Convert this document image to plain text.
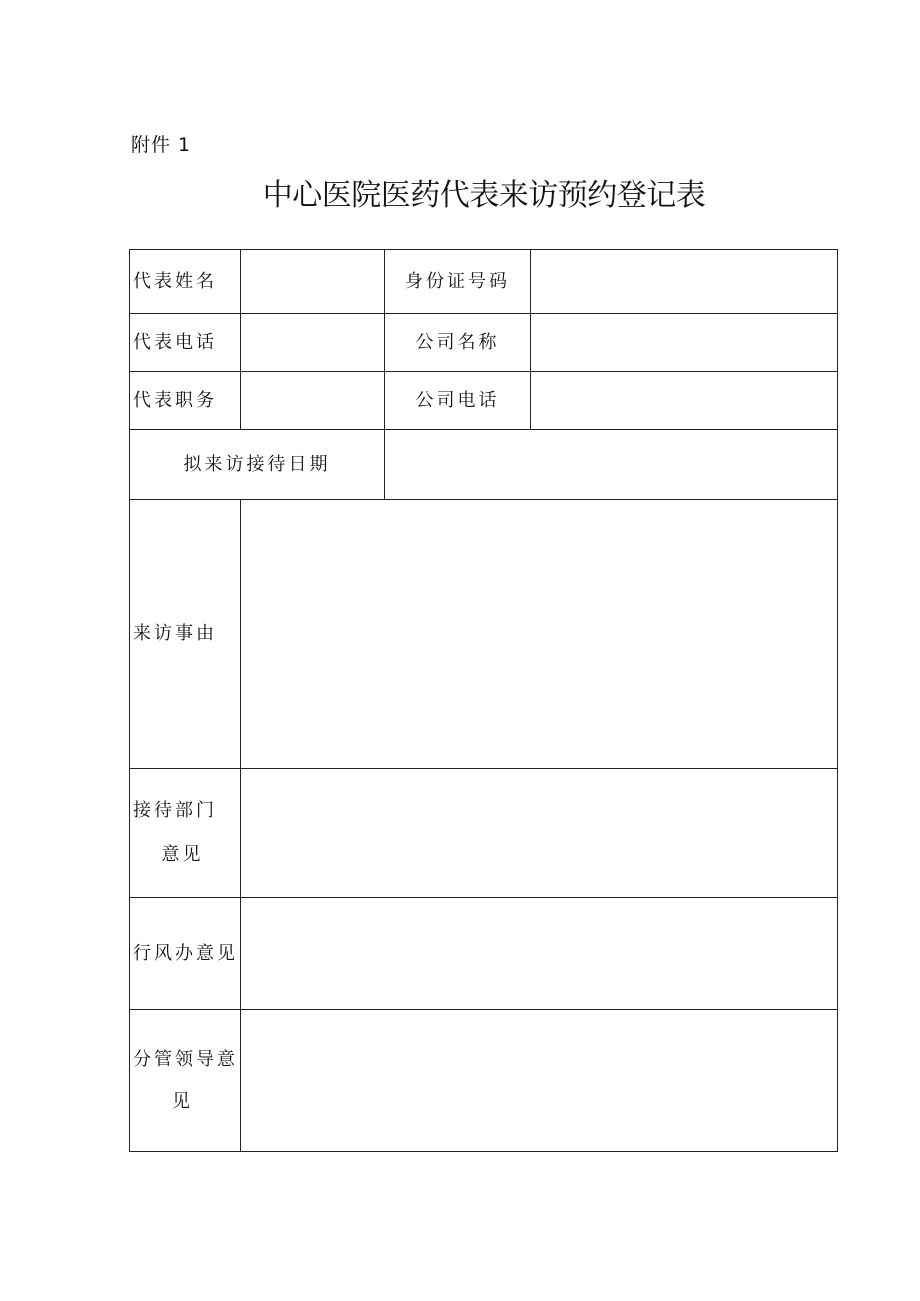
附件 1
中心医院医药代表来访预约登记表
代表姓名		身份证号码	
代表电话		公司名称	
代表职务		公司电话	
拟来访接待日期			
来访事由			
接待部门
意见			

行风办意见			
分管领导意
见			
